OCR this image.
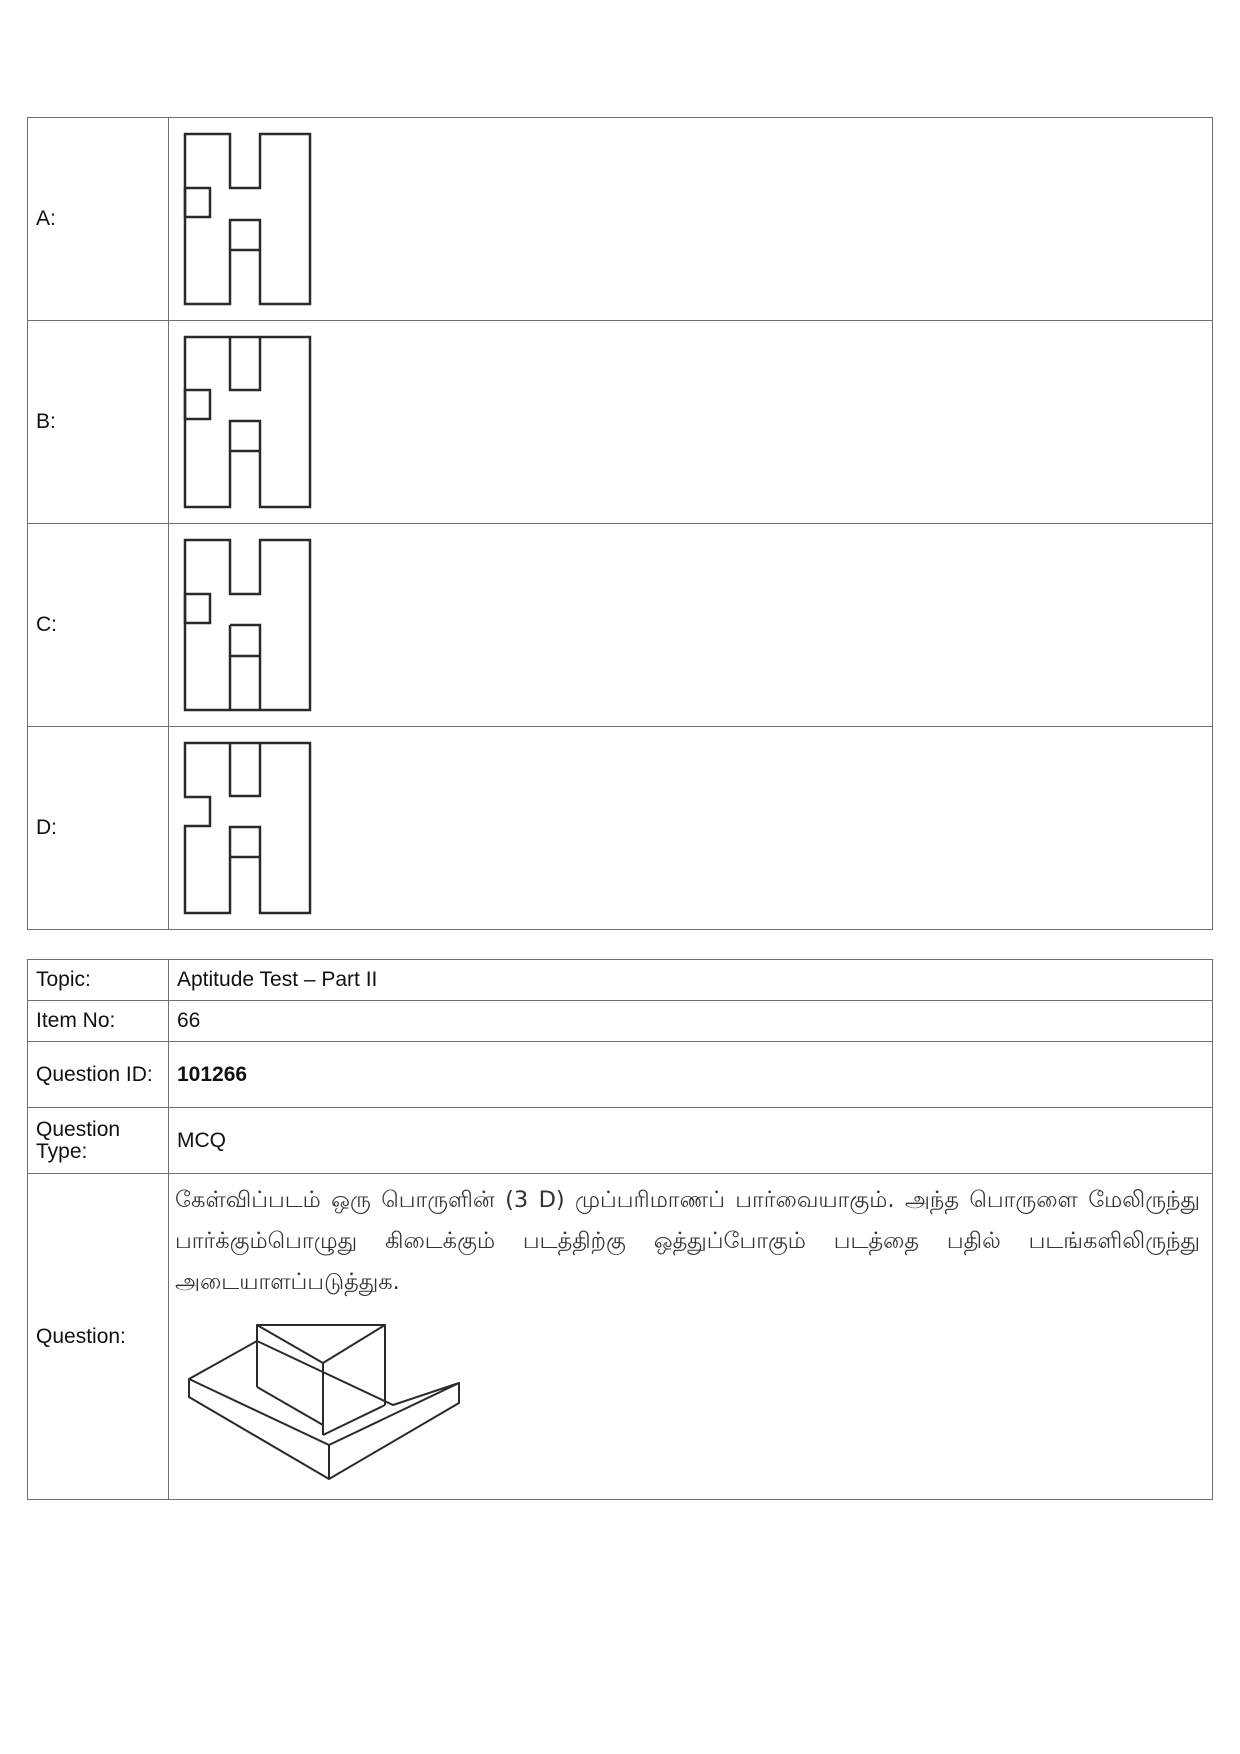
A:	

B:	

C:	

D:	
Topic:	Aptitude Test – Part II
Item No:	66
Question ID:	101266
Question Type:	MCQ
Question:	கேள்விப்படம் ஒரு பொருளின் (3 D) முப்பரிமாணப் பார்வையாகும். அந்த பொருளை மேலிருந்து பார்க்கும்பொழுது கிடைக்கும் படத்திற்கு ஒத்துப்போகும் படத்தை பதில் படங்களிலிருந்து அடையாளப்படுத்துக.
